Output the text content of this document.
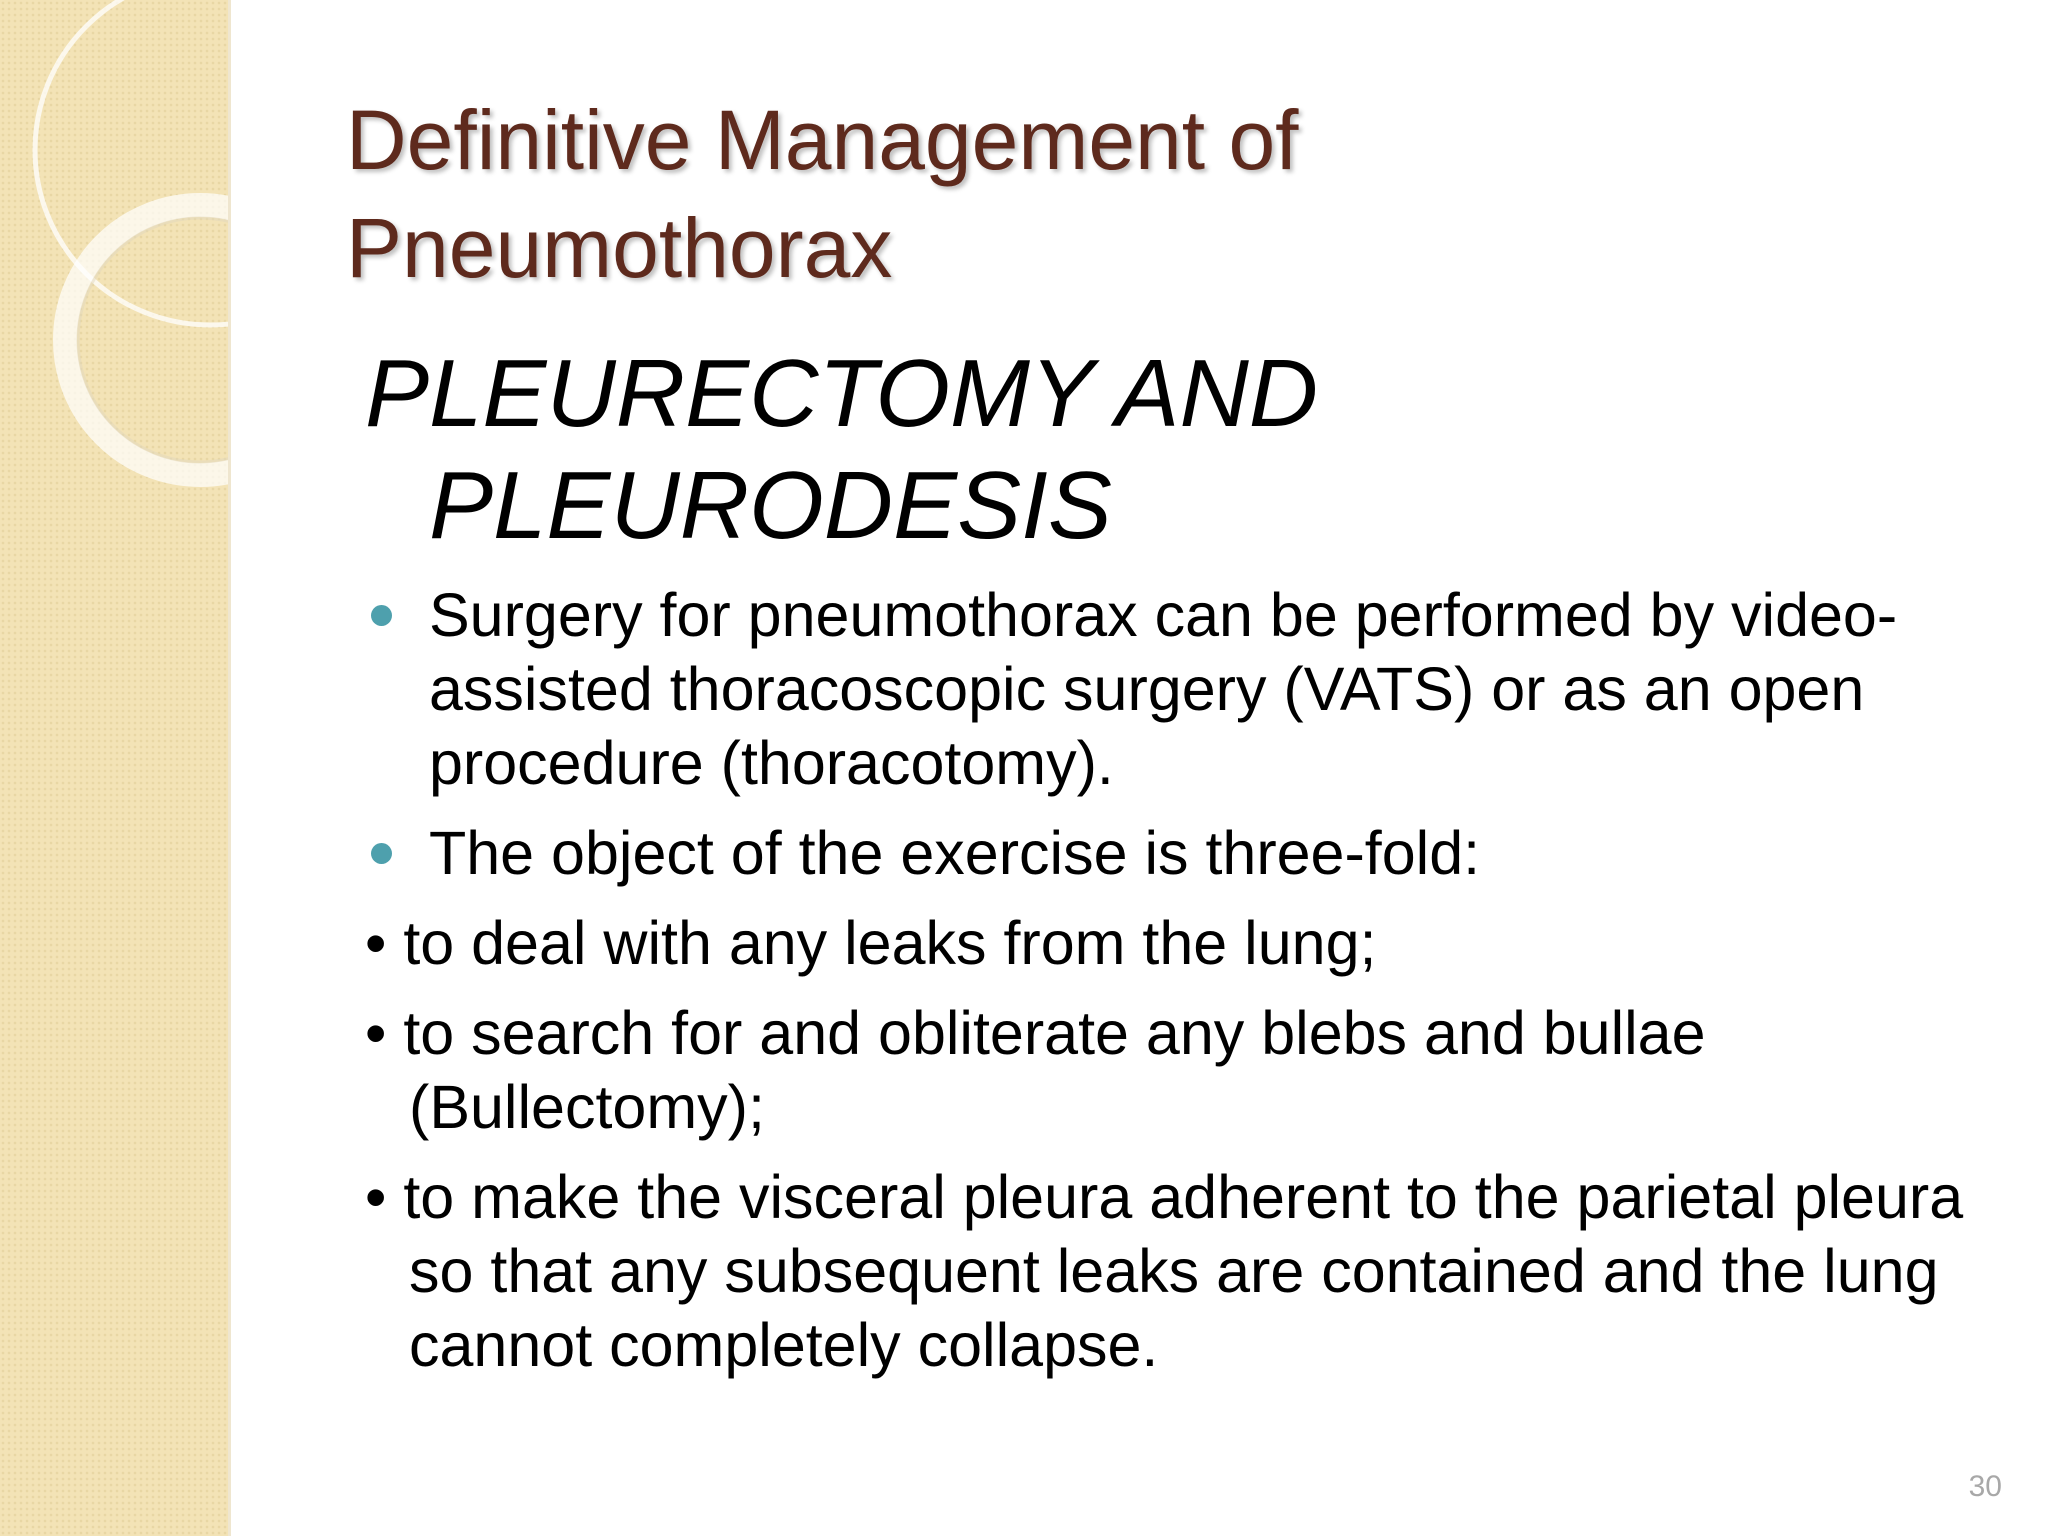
Definitive Management of
Pneumothorax
PLEURECTOMY AND
PLEURODESIS
Surgery for pneumothorax can be performed by video-assisted thoracoscopic surgery (VATS) or as an open procedure (thoracotomy).
The object of the exercise is three-fold:
• to deal with any leaks from the lung;
• to search for and obliterate any blebs and bullae (Bullectomy);
• to make the visceral pleura adherent to the parietal pleura so that any subsequent leaks are contained and the lung cannot completely collapse.
30
